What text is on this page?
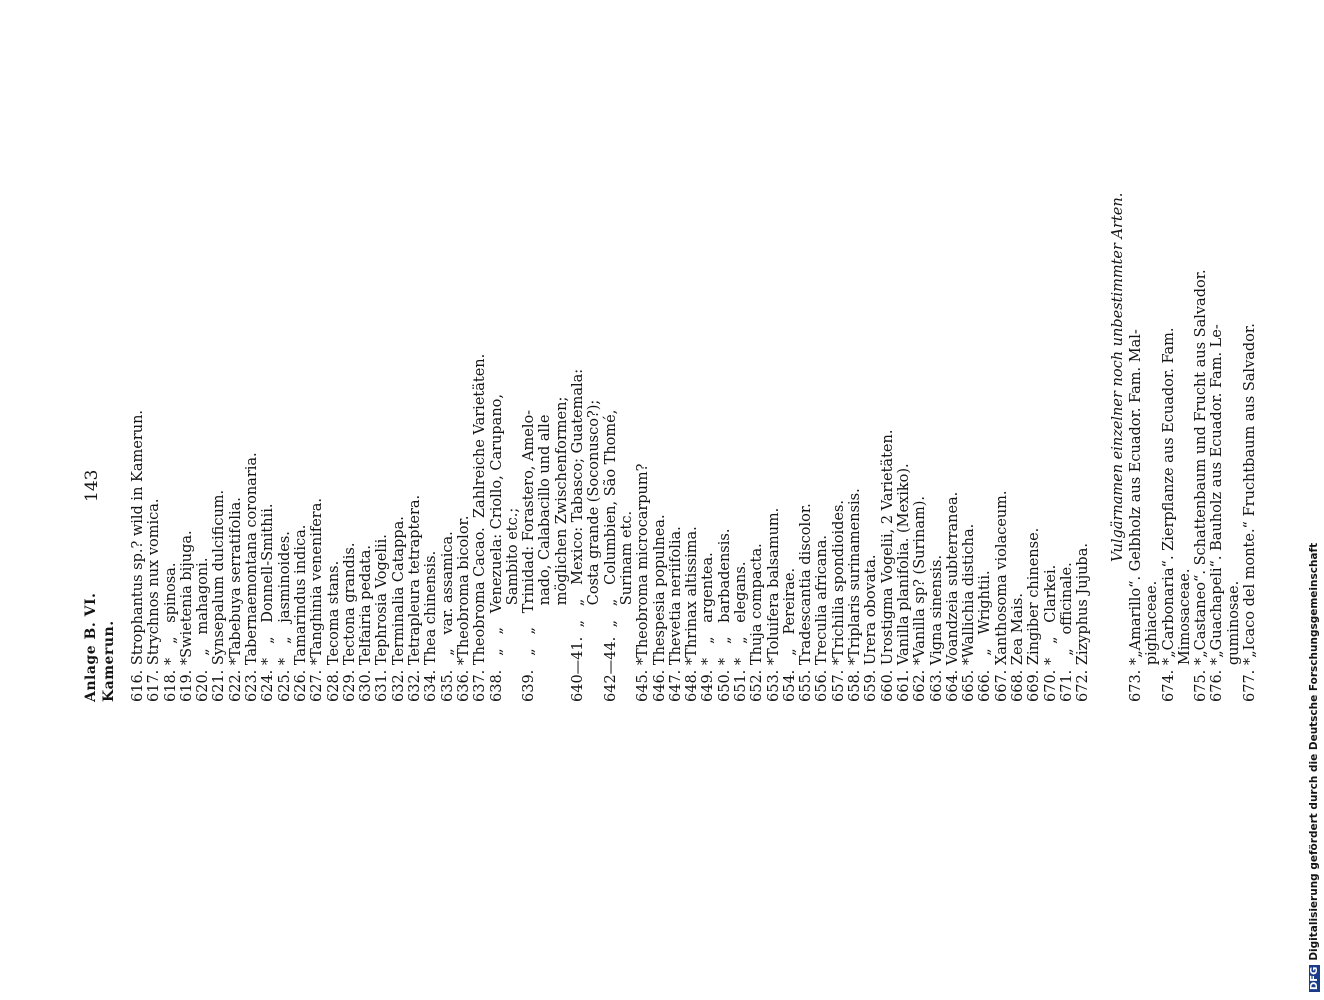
Anlage B. VI. Kamerun.
143 616. Strophantus sp.? wild in Kamerun. 617. Strychnos nux vomica. 618. *   „   spinosa. 619. *Swietenia bijuga. 620.   „   mahagoni. 621. Synsepalum dulcificum. 622. *Tabebuya serratifolia. 623. Tabernaemontana coronaria. 624. *   „   Donnell-Smithii. 625. *   „   jasminoides. 626. Tamarindus indica. 627. *Tanghinia venenifera. 628. Tecoma stans. 629. Tectona grandis. 630. Telfairia pedata. 631. Tephrosia Vogelii. 632. Terminalia Catappa. 632. Tetrapleura tetraptera. 634. Thea chinensis. 635.   „   var. assamica. 636. *Theobroma bicolor. 637. Theobroma Cacao.  Zahlreiche Varietäten. 638.   „   „   Venezuela: Criollo, Carupano, Sambito etc.; 639.   „   „   Trinidad: Forastero, Amelo- nado, Calabacillo und alle möglichen Zwischenformen; 640—41.  „   „   Mexico: Tabasco; Guatemala: Costa grande (Soconusco?); 642—44.  „   „   Columbien, São Thomé, Surinam etc. 645. *Theobroma microcarpum? 646. Thespesia populnea. 647. Thevetia neriifolia. 648. *Thrinax altissima. 649. *   „   argentea. 650. *   „   barbadensis. 651. *   „   elegans. 652. Thuja compacta. 653. *Toluifera balsamum. 654.   „   Pereirae. 655. Tradescantia discolor. 656. Treculia africana. 657. *Trichilia spondioides. 658. *Triplaris surinamensis. 659. Urera obovata. 660. Urostigma Vogelii, 2 Varietäten. 661. Vanilla planifolia. (Mexiko). 662. *Vanilla sp? (Surinam). 663. Vigna sinensis. 664. Voandzeia subterranea. 665. *Wallichia disticha. 666.   „   Wrightii. 667. Xanthosoma violaceum. 668. Zea Mais. 669. Zingiber chinense. 670. *   „   Clarkei. 671.   „   officinale. 672. Zizyphus Jujuba.
Vulgärnamen einzelner noch unbestimmter Arten. 673. *„Amarillo“. Gelbholz aus Ecuador. Fam. Mal- pighiaceae. 674. *„Carbonaria“. Zierpflanze aus Ecuador. Fam. Mimosaceae. 675. *„Castaneo“. Schattenbaum und Frucht aus Salvador. 676. *„Guachapeli“. Bauholz aus Ecuador. Fam. Le- guminosae. 677. *„Icaco del monte.“ Fruchtbaum aus Salvador.
DFGDigitalisierung gefördert durch die Deutsche Forschungsgemeinschaft
